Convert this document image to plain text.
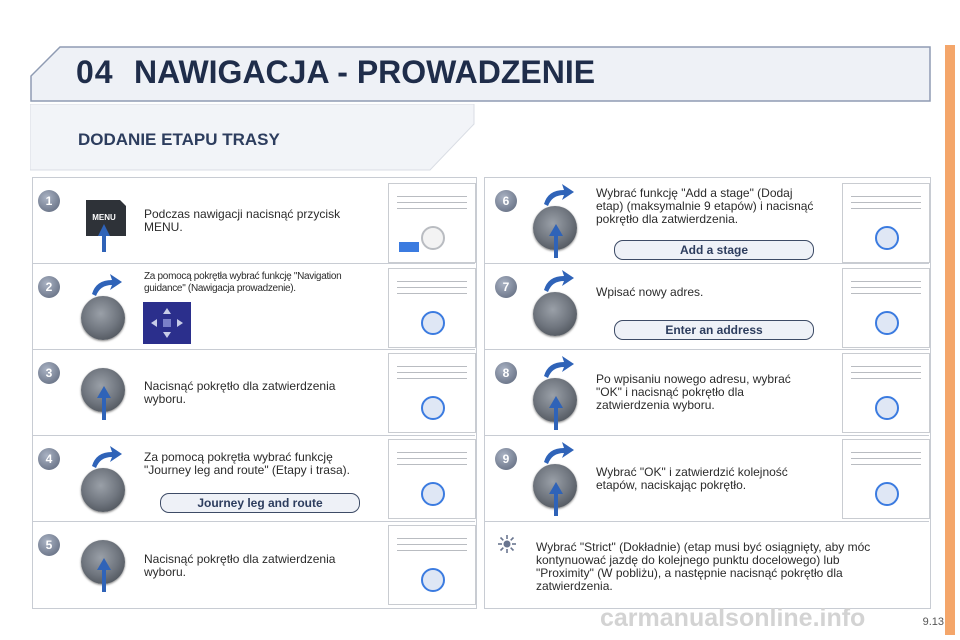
04 NAWIGACJA - PROWADZENIE
DODANIE ETAPU TRASY
1
MENU Podczas nawigacji nacisnąć przycisk MENU.
2
Za pomocą pokrętła wybrać funkcję "Navigation guidance" (Nawigacja prowadzenie).
3
Nacisnąć pokrętło dla zatwierdzenia wyboru.
4	Za pomocą pokrętła wybrać funkcję "Journey leg and route" (Etapy i trasa).
Journey leg and route
5
Nacisnąć pokrętło dla zatwierdzenia wyboru.
6
Wybrać funkcję "Add a stage" (Dodaj etap) (maksymalnie 9 etapów) i nacisnąć pokrętło dla zatwierdzenia.
Add a stage
7	Wpisać nowy adres.
Enter an address
8	Po wpisaniu nowego adresu, wybrać "OK" i nacisnąć pokrętło dla zatwierdzenia wyboru.
9
Wybrać "OK" i zatwierdzić kolejność etapów, naciskając pokrętło.
Wybrać "Strict" (Dokładnie) (etap musi być osiągnięty, aby móc kontynuować jazdę do kolejnego punktu docelowego) lub "Proximity" (W pobliżu), a następnie nacisnąć pokrętło dla zatwierdzenia.
carmanualsonline.info	9.13
